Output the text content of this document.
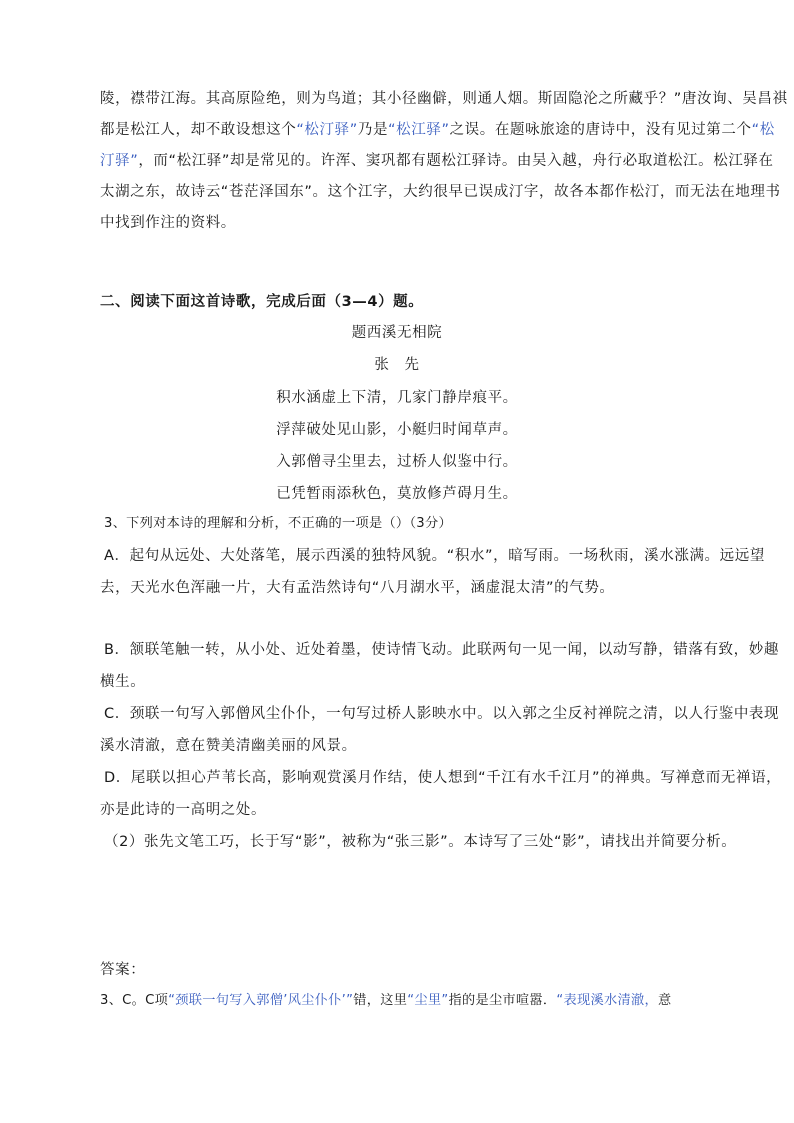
陵，襟带江海。其高原险绝，则为鸟道；其小径幽僻，则通人烟。斯固隐沦之所藏乎？”唐汝询、吴昌祺

都是松江人，却不敢设想这个“松汀驿”乃是“松江驿”之误。在题咏旅途的唐诗中，没有见过第二个“松

汀驿”，而“松江驿”却是常见的。许浑、窦巩都有题松江驿诗。由吴入越，舟行必取道松江。松江驿在

太湖之东，故诗云“苍茫泽国东”。这个江字，大约很早已误成汀字，故各本都作松汀，而无法在地理书

中找到作注的资料。

二、阅读下面这首诗歌，完成后面（3—4）题。

题西溪无相院

张　先

积水涵虚上下清，几家门静岸痕平。

浮萍破处见山影，小艇归时闻草声。

入郭僧寻尘里去，过桥人似鉴中行。

已凭暂雨添秋色，莫放修芦碍月生。

3、下列对本诗的理解和分析，不正确的一项是（）（3分）

A．起句从远处、大处落笔，展示西溪的独特风貌。“积水”，暗写雨。一场秋雨，溪水涨满。远远望

去，天光水色浑融一片，大有孟浩然诗句“八月湖水平，涵虚混太清”的气势。

B．颔联笔触一转，从小处、近处着墨，使诗情飞动。此联两句一见一闻，以动写静，错落有致，妙趣

横生。

C．颈联一句写入郭僧风尘仆仆，一句写过桥人影映水中。以入郭之尘反衬禅院之清，以人行鉴中表现

溪水清澈，意在赞美清幽美丽的风景。

D．尾联以担心芦苇长高，影响观赏溪月作结，使人想到“千江有水千江月”的禅典。写禅意而无禅语，

亦是此诗的一高明之处。

（2）张先文笔工巧，长于写“影”，被称为“张三影”。本诗写了三处“影”，请找出并简要分析。

答案：

3、C。C项“颈联一句写入郭僧’风尘仆仆’”错，这里“尘里”指的是尘市喧嚣．“表现溪水清澈，意
